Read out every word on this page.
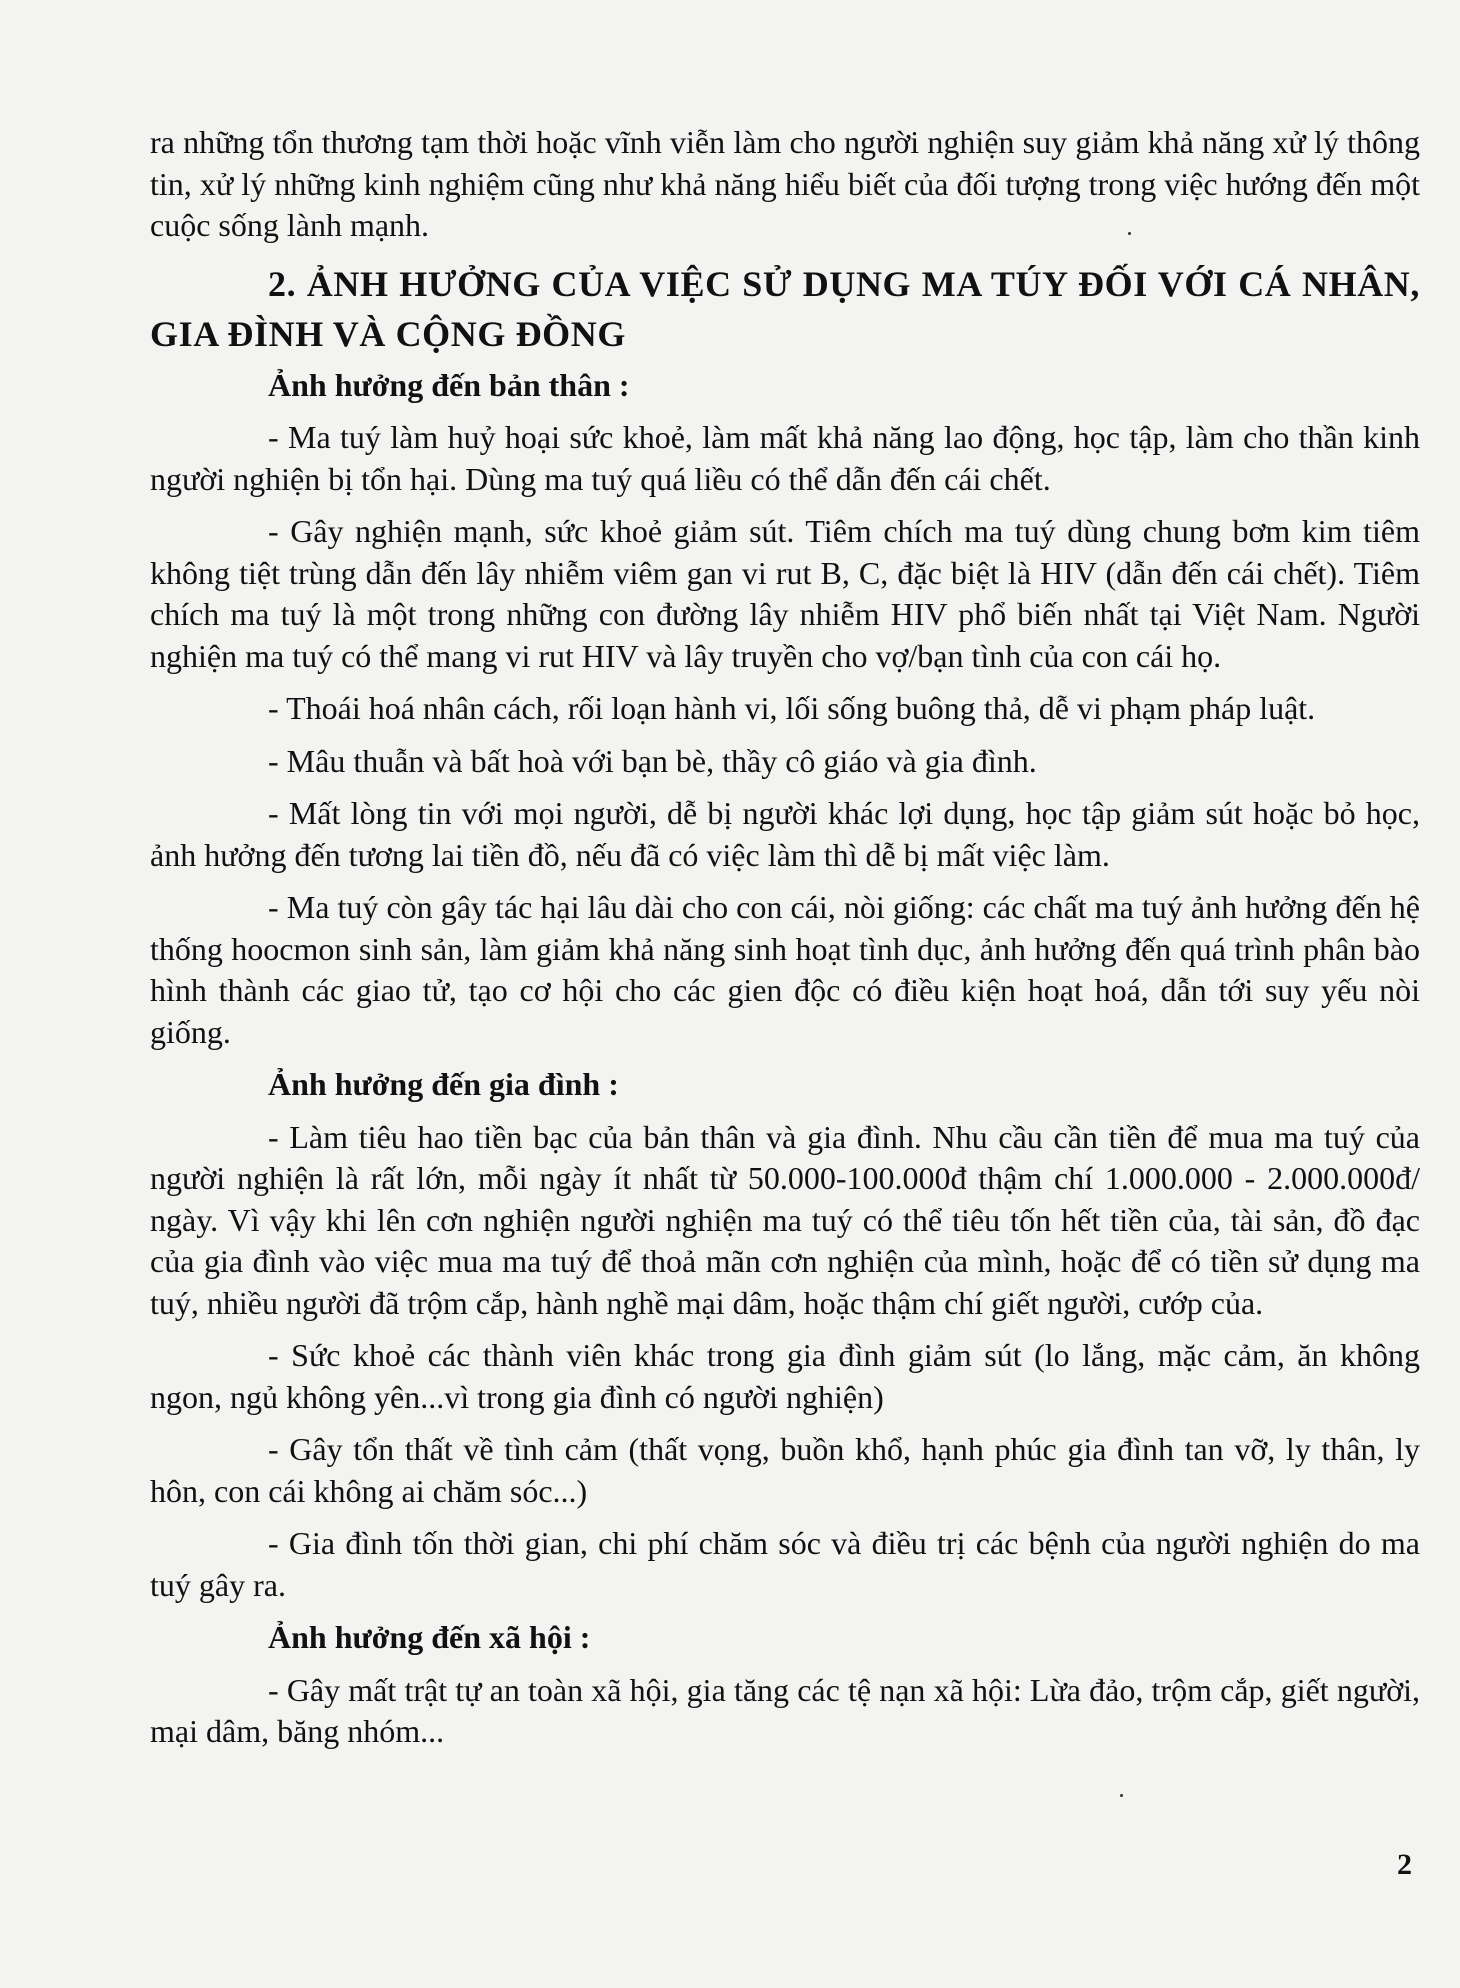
ra những tổn thương tạm thời hoặc vĩnh viễn làm cho người nghiện suy giảm khả năng xử lý thông tin, xử lý những kinh nghiệm cũng như khả năng hiểu biết của đối tượng trong việc hướng đến một cuộc sống lành mạnh.

2. ẢNH HƯỞNG CỦA VIỆC SỬ DỤNG MA TÚY ĐỐI VỚI CÁ NHÂN, GIA ĐÌNH VÀ CỘNG ĐỒNG

Ảnh hưởng đến bản thân :

- Ma tuý làm huỷ hoại sức khoẻ, làm mất khả năng lao động, học tập, làm cho thần kinh người nghiện bị tổn hại. Dùng ma tuý quá liều có thể dẫn đến cái chết.

- Gây nghiện mạnh, sức khoẻ giảm sút. Tiêm chích ma tuý dùng chung bơm kim tiêm không tiệt trùng dẫn đến lây nhiễm viêm gan vi rut B, C, đặc biệt là HIV (dẫn đến cái chết). Tiêm chích ma tuý là một trong những con đường lây nhiễm HIV phổ biến nhất tại Việt Nam. Người nghiện ma tuý có thể mang vi rut HIV và lây truyền cho vợ/bạn tình của con cái họ.

- Thoái hoá nhân cách, rối loạn hành vi, lối sống buông thả, dễ vi phạm pháp luật.

- Mâu thuẫn và bất hoà với bạn bè, thầy cô giáo và gia đình.

- Mất lòng tin với mọi người, dễ bị người khác lợi dụng, học tập giảm sút hoặc bỏ học, ảnh hưởng đến tương lai tiền đồ, nếu đã có việc làm thì dễ bị mất việc làm.

- Ma tuý còn gây tác hại lâu dài cho con cái, nòi giống: các chất ma tuý ảnh hưởng đến hệ thống hoocmon sinh sản, làm giảm khả năng sinh hoạt tình dục, ảnh hưởng đến quá trình phân bào hình thành các giao tử, tạo cơ hội cho các gien độc có điều kiện hoạt hoá, dẫn tới suy yếu nòi giống.

Ảnh hưởng đến gia đình :

- Làm tiêu hao tiền bạc của bản thân và gia đình. Nhu cầu cần tiền để mua ma tuý của người nghiện là rất lớn, mỗi ngày ít nhất từ 50.000-100.000đ thậm chí 1.000.000 - 2.000.000đ/ ngày. Vì vậy khi lên cơn nghiện người nghiện ma tuý có thể tiêu tốn hết tiền của, tài sản, đồ đạc của gia đình vào việc mua ma tuý để thoả mãn cơn nghiện của mình, hoặc để có tiền sử dụng ma tuý, nhiều người đã trộm cắp, hành nghề mại dâm, hoặc thậm chí giết người, cướp của.

- Sức khoẻ các thành viên khác trong gia đình giảm sút (lo lắng, mặc cảm, ăn không ngon, ngủ không yên...vì trong gia đình có người nghiện)

- Gây tổn thất về tình cảm (thất vọng, buồn khổ, hạnh phúc gia đình tan vỡ, ly thân, ly hôn, con cái không ai chăm sóc...)

- Gia đình tốn thời gian, chi phí chăm sóc và điều trị các bệnh của người nghiện do ma tuý gây ra.

Ảnh hưởng đến xã hội :

- Gây mất trật tự an toàn xã hội, gia tăng các tệ nạn xã hội: Lừa đảo, trộm cắp, giết người, mại dâm, băng nhóm...

2
